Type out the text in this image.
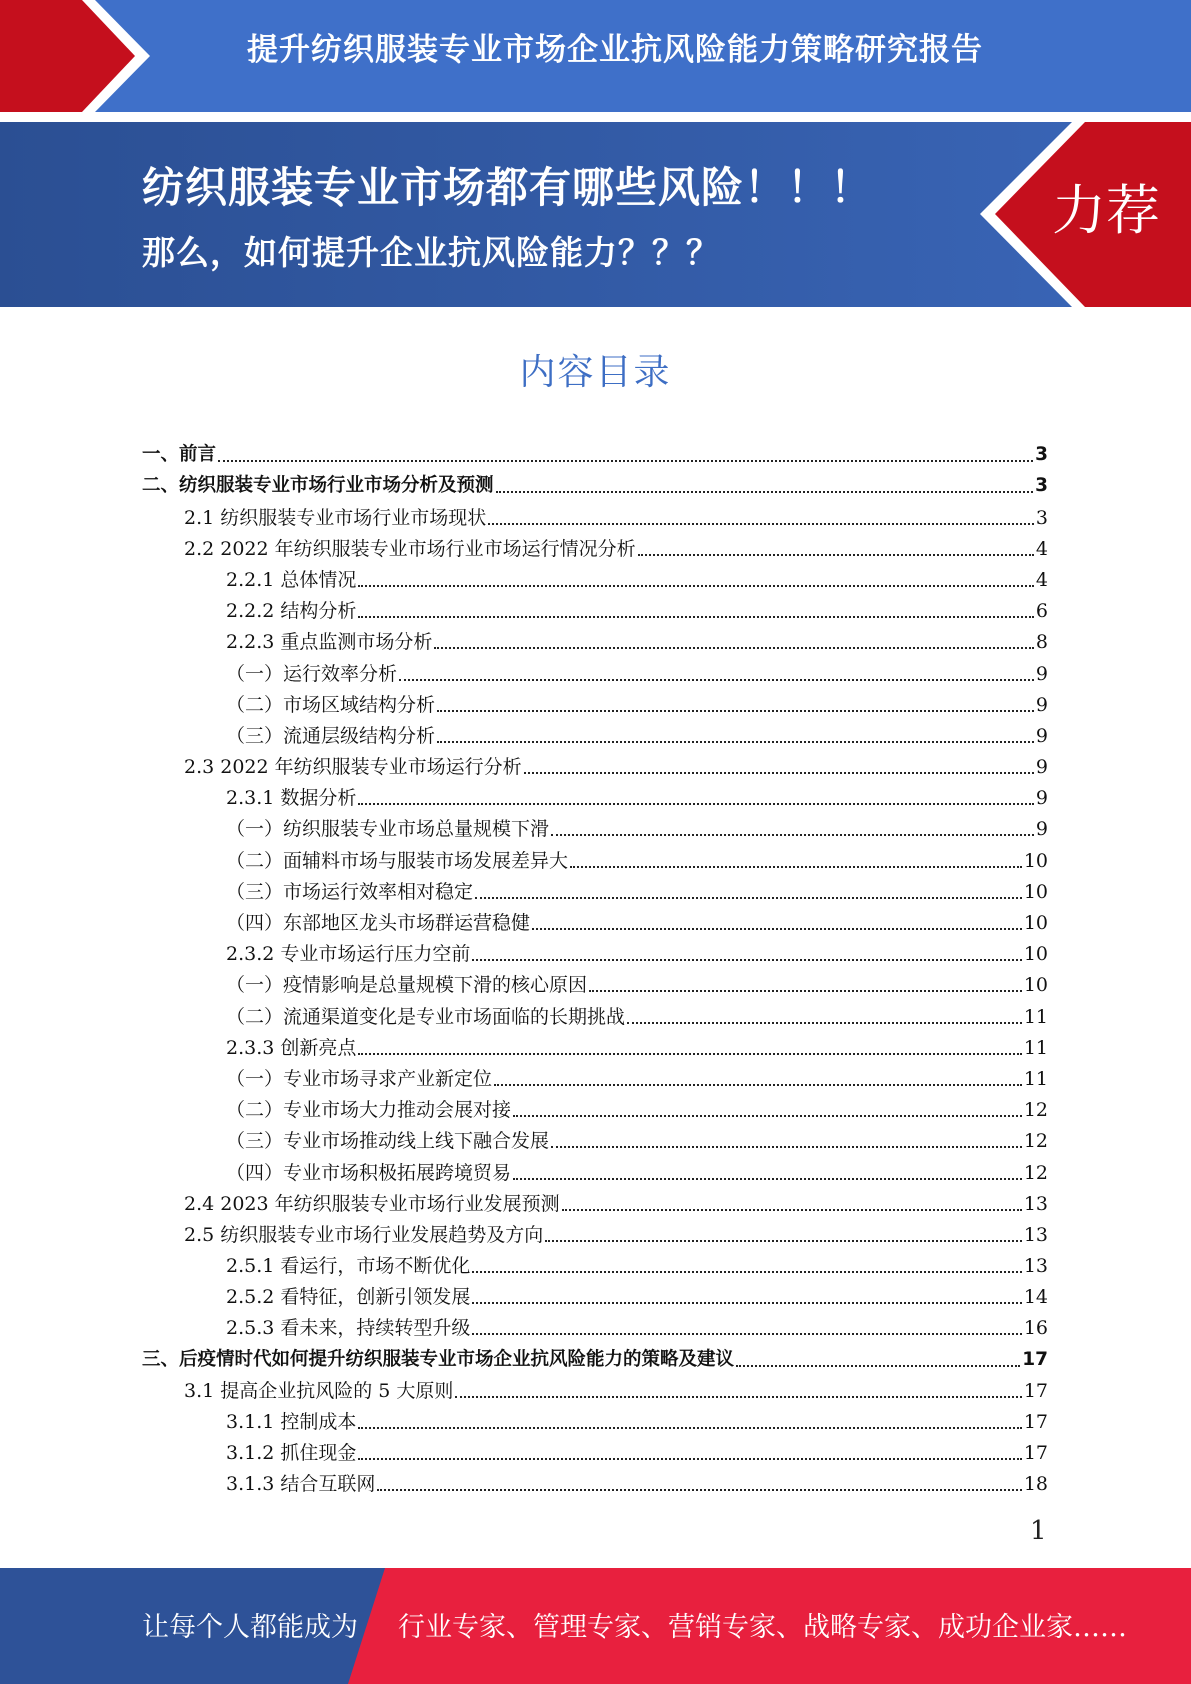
提升纺织服装专业市场企业抗风险能力策略研究报告
纺织服装专业市场都有哪些风险！！！
那么，如何提升企业抗风险能力？？？
力荐
内容目录
一、前言	3
二、纺织服装专业市场行业市场分析及预测	3
2.1 纺织服装专业市场行业市场现状	3
2.2 2022 年纺织服装专业市场行业市场运行情况分析	4
2.2.1 总体情况	4
2.2.2 结构分析	6
2.2.3 重点监测市场分析	8
（一）运行效率分析	9
（二）市场区域结构分析	9
（三）流通层级结构分析	9
2.3 2022 年纺织服装专业市场运行分析	9
2.3.1 数据分析	9
（一）纺织服装专业市场总量规模下滑	9
（二）面辅料市场与服装市场发展差异大	10
（三）市场运行效率相对稳定	10
（四）东部地区龙头市场群运营稳健	10
2.3.2 专业市场运行压力空前	10
（一）疫情影响是总量规模下滑的核心原因	10
（二）流通渠道变化是专业市场面临的长期挑战	11
2.3.3 创新亮点	11
（一）专业市场寻求产业新定位	11
（二）专业市场大力推动会展对接	12
（三）专业市场推动线上线下融合发展	12
（四）专业市场积极拓展跨境贸易	12
2.4 2023 年纺织服装专业市场行业发展预测	13
2.5 纺织服装专业市场行业发展趋势及方向	13
2.5.1 看运行，市场不断优化	13
2.5.2 看特征，创新引领发展	14
2.5.3 看未来，持续转型升级	16
三、后疫情时代如何提升纺织服装专业市场企业抗风险能力的策略及建议	17
3.1 提高企业抗风险的 5 大原则	17
3.1.1 控制成本	17
3.1.2 抓住现金	17
3.1.3 结合互联网	18
1
让每个人都能成为 行业专家、管理专家、营销专家、战略专家、成功企业家……
